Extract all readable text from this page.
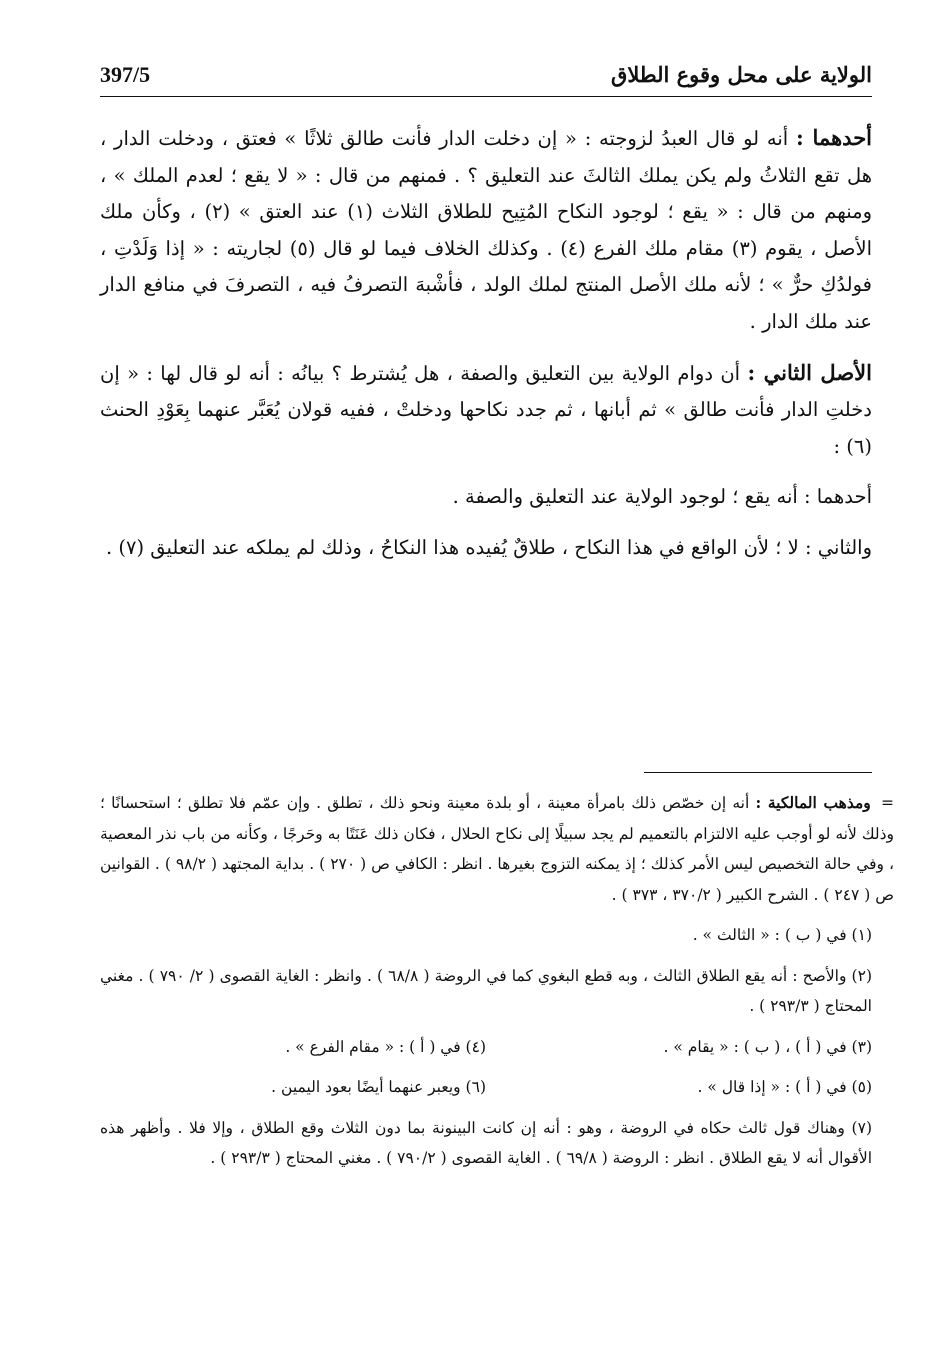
الولاية على محل وقوع الطلاق
397/5

أحدهما : أنه لو قال العبدُ لزوجته : « إن دخلت الدار فأنت طالق ثلاثًا » فعتق ، ودخلت الدار ، هل تقع الثلاثُ ولم يكن يملك الثالثَ عند التعليق ؟ . فمنهم من قال : « لا يقع ؛ لعدم الملك » ، ومنهم من قال : « يقع ؛ لوجود النكاح المُتِيح للطلاق الثلاث (١) عند العتق » (٢) ، وكأن ملك الأصل ، يقوم (٣) مقام ملك الفرع (٤) . وكذلك الخلاف فيما لو قال (٥) لجاريته : « إذا وَلَدْتِ ، فولدُكِ حرٌّ » ؛ لأنه ملك الأصل المنتج لملك الولد ، فأشْبهَ التصرفُ فيه ، التصرفَ في منافع الدار عند ملك الدار .

الأصل الثاني : أن دوام الولاية بين التعليق والصفة ، هل يُشترط ؟ بيانُه : أنه لو قال لها : « إن دخلتِ الدار فأنت طالق » ثم أبانها ، ثم جدد نكاحها ودخلتْ ، ففيه قولان يُعَبَّر عنهما بِعَوْدِ الحنث (٦) :

أحدهما : أنه يقع ؛ لوجود الولاية عند التعليق والصفة .

والثاني : لا ؛ لأن الواقع في هذا النكاح ، طلاقٌ يُفيده هذا النكاحُ ، وذلك لم يملكه عند التعليق (٧) .

= ومذهب المالكية : أنه إن خصّص ذلك بامرأة معينة ، أو بلدة معينة ونحو ذلك ، تطلق . وإن عمّم فلا تطلق ؛ استحسانًا ؛ وذلك لأنه لو أوجب عليه الالتزام بالتعميم لم يجد سبيلًا إلى نكاح الحلال ، فكان ذلك عَنَتًا به وحَرجًا ، وكأنه من باب نذر المعصية ، وفي حالة التخصيص ليس الأمر كذلك ؛ إذ يمكنه التزوج بغيرها . انظر : الكافي ص ( ٢٧٠ ) . بداية المجتهد ( ٩٨/٢ ) . القوانين ص ( ٢٤٧ ) . الشرح الكبير ( ٣٧٠/٢ ، ٣٧٣ ) .

(١) في ( ب ) : « الثالث » .

(٢) والأصح : أنه يقع الطلاق الثالث ، وبه قطع البغوي كما في الروضة ( ٦٨/٨ ) . وانظر : الغاية القصوى ( ٢/ ٧٩٠ ) . مغني المحتاج ( ٢٩٣/٣ ) .

(٣) في ( أ ) ، ( ب ) : « يقام » .
(٤) في ( أ ) : « مقام الفرع » .
(٥) في ( أ ) : « إذا قال » .
(٦) ويعبر عنهما أيضًا بعود اليمين .

(٧) وهناك قول ثالث حكاه في الروضة ، وهو : أنه إن كانت البينونة بما دون الثلاث وقع الطلاق ، وإلا فلا . وأظهر هذه الأقوال أنه لا يقع الطلاق . انظر : الروضة ( ٦٩/٨ ) . الغاية القصوى ( ٧٩٠/٢ ) . مغني المحتاج ( ٢٩٣/٣ ) .
